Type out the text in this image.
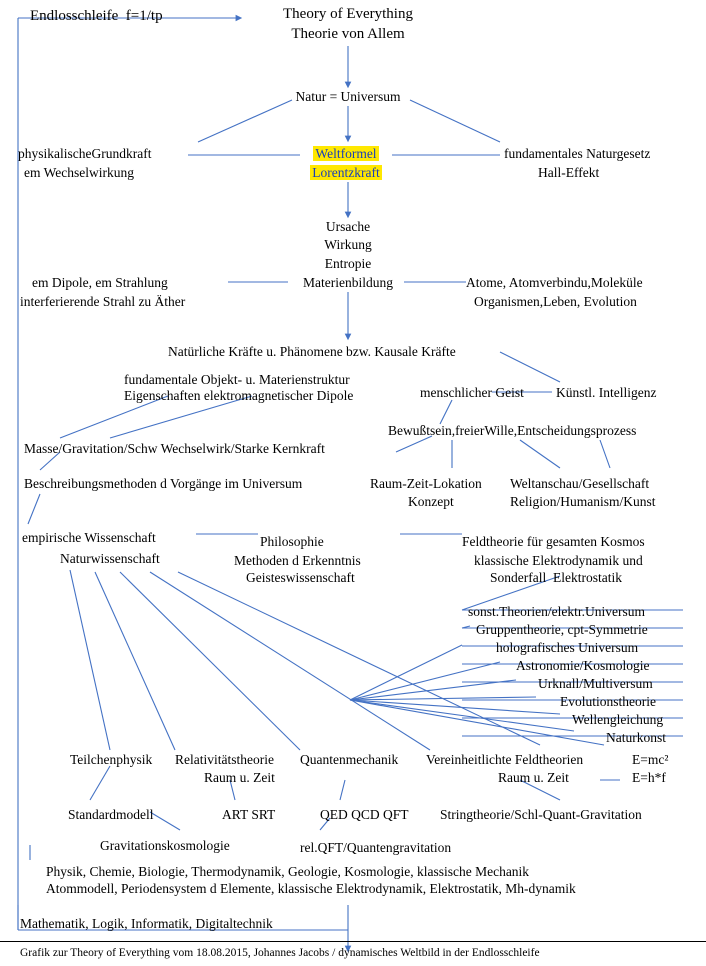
Endlosschleife  f=1/tp	Theory of Everything
Theorie von Allem
Natur = Universum
physikalischeGrundkraft
em Wechselwirkung
Weltformel
Lorentzkraft
fundamentales Naturgesetz
Hall-Effekt
Ursache
Wirkung
Entropie
Materienbildung
em Dipole, em Strahlung
interferierende Strahl zu Äther
Atome, Atomverbindu,Moleküle
Organismen,Leben, Evolution
Natürliche Kräfte u. Phänomene bzw. Kausale Kräfte
fundamentale Objekt- u. Materienstruktur
Eigenschaften elektromagnetischer Dipole	menschlicher Geist Künstl. Intelligenz
Bewußtsein,freierWille,Entscheidungsprozess
Masse/Gravitation/Schw Wechselwirk/Starke Kernkraft
Beschreibungsmethoden d Vorgänge im Universum	Raum-Zeit-Lokation
Konzept
Weltanschau/Gesellschaft
Religion/Humanism/Kunst
empirische Wissenschaft
Naturwissenschaft
Philosophie
Methoden d Erkenntnis
Geisteswissenschaft
Feldtheorie für gesamten Kosmos
klassische Elektrodynamik und
Sonderfall  Elektrostatik
sonst.Theorien/elektr.Universum
Gruppentheorie, cpt-Symmetrie
holografisches Universum
Astronomie/Kosmologie
Urknall/Multiversum
Evolutionstheorie
Wellengleichung
Naturkonst
Teilchenphysik Relativitätstheorie
Raum u. Zeit
Quantenmechanik Vereinheitlichte Feldtheorien
Raum u. Zeit
E=mc²
E=h*f
Standardmodell	ART SRT	QED QCD QFT Stringtheorie/Schl-Quant-Gravitation
Gravitationskosmologie	rel.QFT/Quantengravitation
Physik, Chemie, Biologie, Thermodynamik, Geologie, Kosmologie, klassische Mechanik
Atommodell, Periodensystem d Elemente, klassische Elektrodynamik, Elektrostatik, Mh-dynamik
Mathematik, Logik, Informatik, Digitaltechnik
Grafik zur Theory of Everything vom 18.08.2015, Johannes Jacobs / dynamisches Weltbild in der Endlosschleife
